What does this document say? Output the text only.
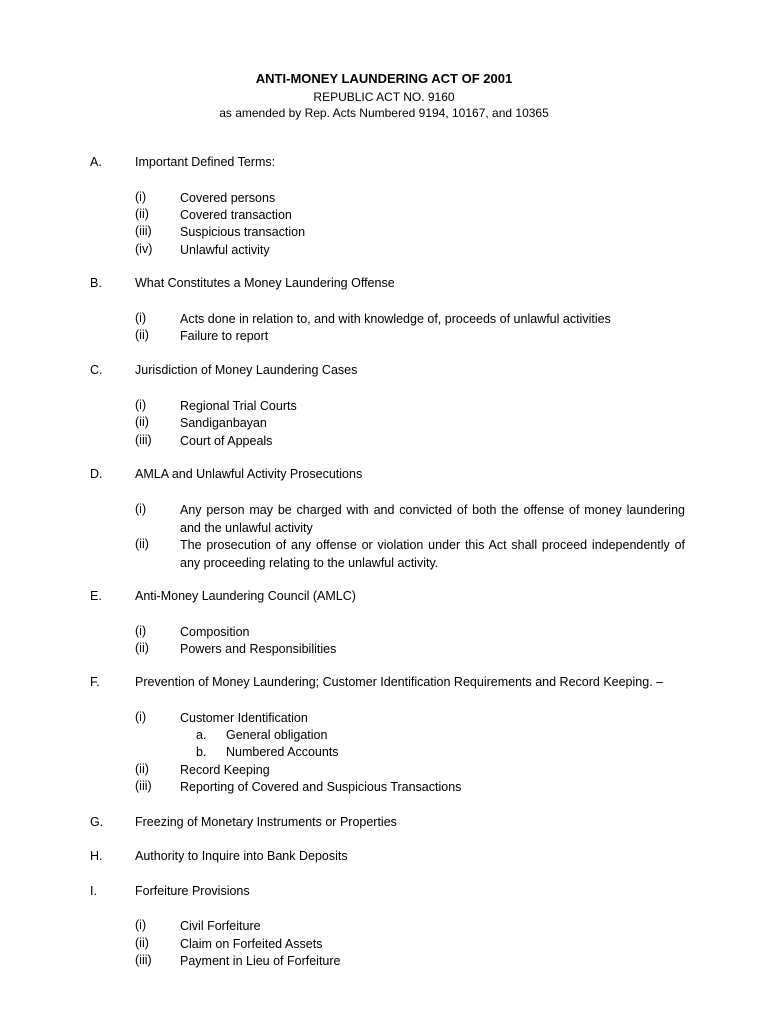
ANTI-MONEY LAUNDERING ACT OF 2001
REPUBLIC ACT NO. 9160
as amended by Rep. Acts Numbered 9194, 10167, and 10365
A.	Important Defined Terms:
(i)	Covered persons
(ii) Covered transaction
(iii) Suspicious transaction
(iv) Unlawful activity
B.	What Constitutes a Money Laundering Offense
(i)	Acts done in relation to, and with knowledge of, proceeds of unlawful activities
(ii) Failure to report
C.	Jurisdiction of Money Laundering Cases
(i)	Regional Trial Courts
(ii) Sandiganbayan
(iii) Court of Appeals
D.	AMLA and Unlawful Activity Prosecutions
(i)	Any person may be charged with and convicted of both the offense of money laundering and the unlawful activity
(ii) The prosecution of any offense or violation under this Act shall proceed independently of any proceeding relating to the unlawful activity.
E.	Anti-Money Laundering Council (AMLC)
(i)	Composition
(ii) Powers and Responsibilities
F.	Prevention of Money Laundering; Customer Identification Requirements and Record Keeping. –
(i)	Customer Identification
a. General obligation
b. Numbered Accounts
(ii) Record Keeping
(iii) Reporting of Covered and Suspicious Transactions
G.	Freezing of Monetary Instruments or Properties
H.	Authority to Inquire into Bank Deposits
I.	Forfeiture Provisions
(i)	Civil Forfeiture
(ii) Claim on Forfeited Assets
(iii) Payment in Lieu of Forfeiture
